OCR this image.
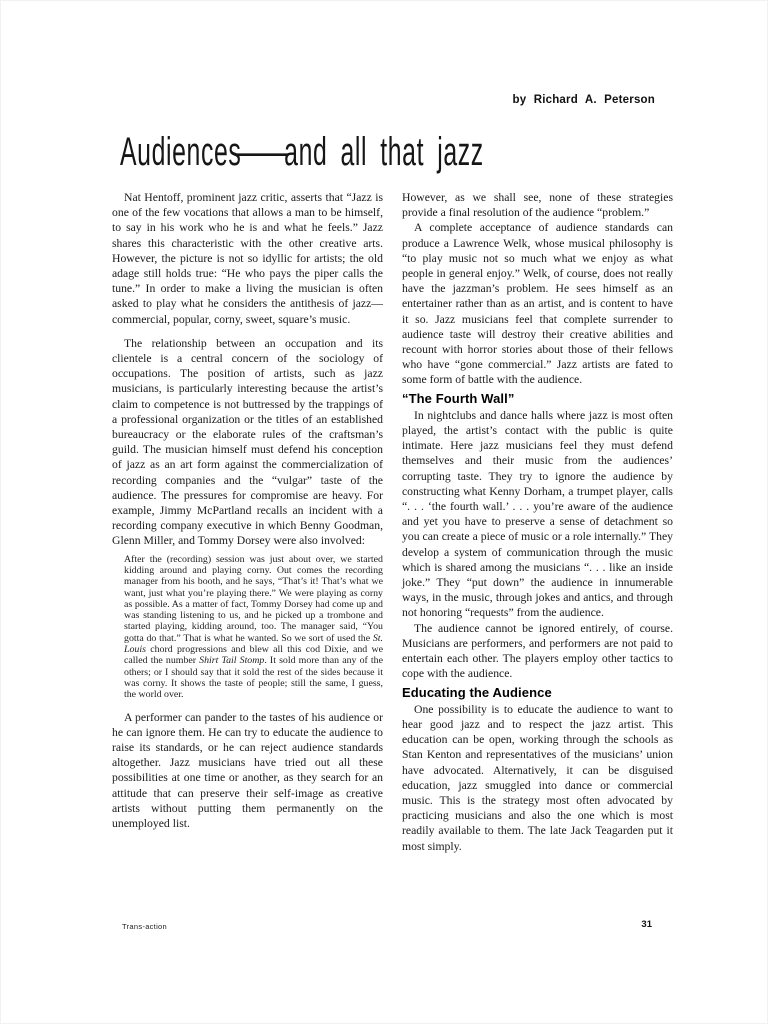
by Richard A. Peterson
Audiences—and all that jazz

Nat Hentoff, prominent jazz critic, asserts that “Jazz is one of the few vocations that allows a man to be himself, to say in his work who he is and what he feels.” Jazz shares this characteristic with the other creative arts. However, the picture is not so idyllic for artists; the old adage still holds true: “He who pays the piper calls the tune.” In order to make a living the musician is often asked to play what he considers the antithesis of jazz—commercial, popular, corny, sweet, square’s music.

The relationship between an occupation and its clientele is a central concern of the sociology of occupations. The position of artists, such as jazz musicians, is particularly interesting because the artist’s claim to competence is not buttressed by the trappings of a professional organization or the titles of an established bureaucracy or the elaborate rules of the craftsman’s guild. The musician himself must defend his conception of jazz as an art form against the commercialization of recording companies and the “vulgar” taste of the audience. The pressures for compromise are heavy. For example, Jimmy McPartland recalls an incident with a recording company executive in which Benny Goodman, Glenn Miller, and Tommy Dorsey were also involved:

After the (recording) session was just about over, we started kidding around and playing corny. Out comes the recording manager from his booth, and he says, “That’s it! That’s what we want, just what you’re playing there.” We were playing as corny as possible. As a matter of fact, Tommy Dorsey had come up and was standing listening to us, and he picked up a trombone and started playing, kidding around, too. The manager said, “You gotta do that.” That is what he wanted. So we sort of used the St. Louis chord progressions and blew all this cod Dixie, and we called the number Shirt Tail Stomp. It sold more than any of the others; or I should say that it sold the rest of the sides because it was corny. It shows the taste of people; still the same, I guess, the world over.

A performer can pander to the tastes of his audience or he can ignore them. He can try to educate the audience to raise its standards, or he can reject audience standards altogether. Jazz musicians have tried out all these possibilities at one time or another, as they search for an attitude that can preserve their self-image as creative artists without putting them permanently on the unemployed list.

However, as we shall see, none of these strategies provide a final resolution of the audience “problem.”

A complete acceptance of audience standards can produce a Lawrence Welk, whose musical philosophy is “to play music not so much what we enjoy as what people in general enjoy.” Welk, of course, does not really have the jazzman’s problem. He sees himself as an entertainer rather than as an artist, and is content to have it so. Jazz musicians feel that complete surrender to audience taste will destroy their creative abilities and recount with horror stories about those of their fellows who have “gone commercial.” Jazz artists are fated to some form of battle with the audience.

“The Fourth Wall”

In nightclubs and dance halls where jazz is most often played, the artist’s contact with the public is quite intimate. Here jazz musicians feel they must defend themselves and their music from the audiences’ corrupting taste. They try to ignore the audience by constructing what Kenny Dorham, a trumpet player, calls “. . . ‘the fourth wall.’ . . . you’re aware of the audience and yet you have to preserve a sense of detachment so you can create a piece of music or a role internally.” They develop a system of communication through the music which is shared among the musicians “. . . like an inside joke.” They “put down” the audience in innumerable ways, in the music, through jokes and antics, and through not honoring “requests” from the audience.

The audience cannot be ignored entirely, of course. Musicians are performers, and performers are not paid to entertain each other. The players employ other tactics to cope with the audience.

Educating the Audience

One possibility is to educate the audience to want to hear good jazz and to respect the jazz artist. This education can be open, working through the schools as Stan Kenton and representatives of the musicians’ union have advocated. Alternatively, it can be disguised education, jazz smuggled into dance or commercial music. This is the strategy most often advocated by practicing musicians and also the one which is most readily available to them. The late Jack Teagarden put it most simply.

Trans-action	31
